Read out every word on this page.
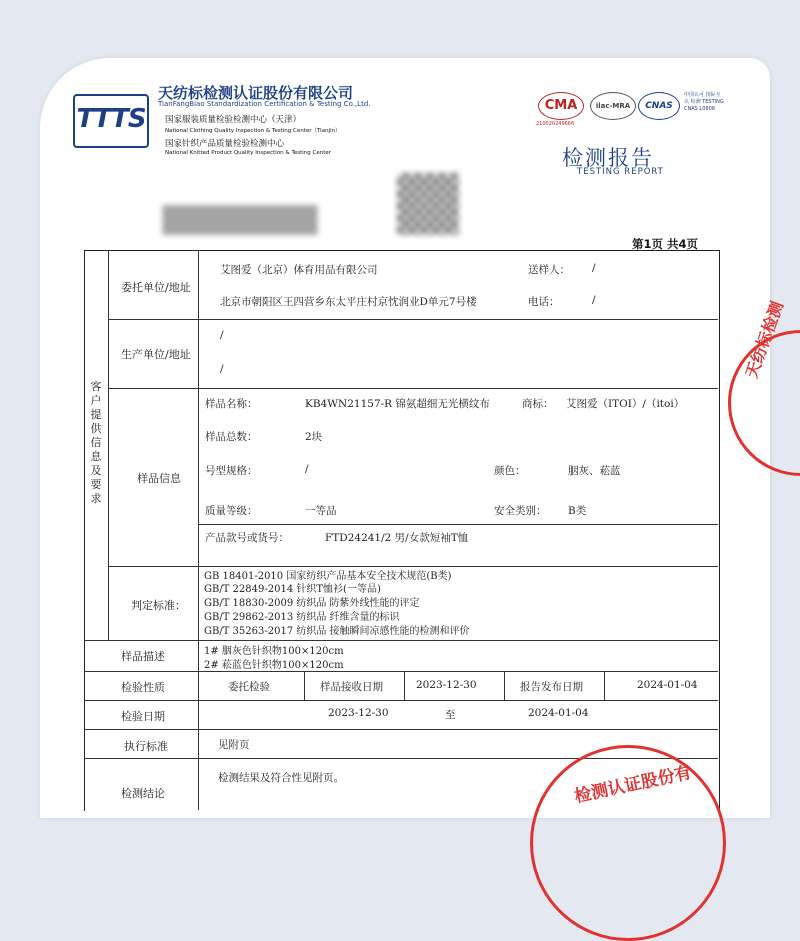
TTTS
天纺标检测认证股份有限公司
TianFangBiao Standardization Certification & Testing Co.,Ltd.
国家服装质量检验检测中心（天津）
National Clothing Quality Inspection & Testing Center（Tianjin）
国家针织产品质量检验检测中心
National Knitted Product Quality Inspection & Testing Center
CMA
210020249666
ilac-MRA	CNAS
中国认可 国际互认 检测 TESTING CNAS L0808
检测报告
TESTING REPORT
第1页 共4页
客户提供信息及要求
委托单位/地址
艾图爱（北京）体育用品有限公司	送样人： /
北京市朝阳区王四营乡东太平庄村京忱润业D单元7号楼	电话：	/
生产单位/地址
/
/
样品信息
样品名称：	KB4WN21157-R 锦氨超细无光横纹布	商标： 艾图爱（ITOI）/（itoi）
样品总数：	2块
号型规格：	/	颜色：	胭灰、菘蓝
质量等级：	一等品	安全类别： B类
产品款号或货号：	FTD24241/2 男/女款短袖T恤
判定标准：
GB 18401-2010 国家纺织产品基本安全技术规范(B类)
GB/T 22849-2014 针织T恤衫(一等品)
GB/T 18830-2009 纺织品 防紫外线性能的评定
GB/T 29862-2013 纺织品 纤维含量的标识
GB/T 35263-2017 纺织品 接触瞬间凉感性能的检测和评价
样品描述	1# 胭灰色针织物100×120cm
2# 菘蓝色针织物100×120cm
检验性质	委托检验	样品接收日期	2023-12-30	报告发布日期	2024-01-04
检验日期	2023-12-30	至	2024-01-04
执行标准	见附页
检测结论
检测结果及符合性见附页。
天纺标检测
检测认证股份有
